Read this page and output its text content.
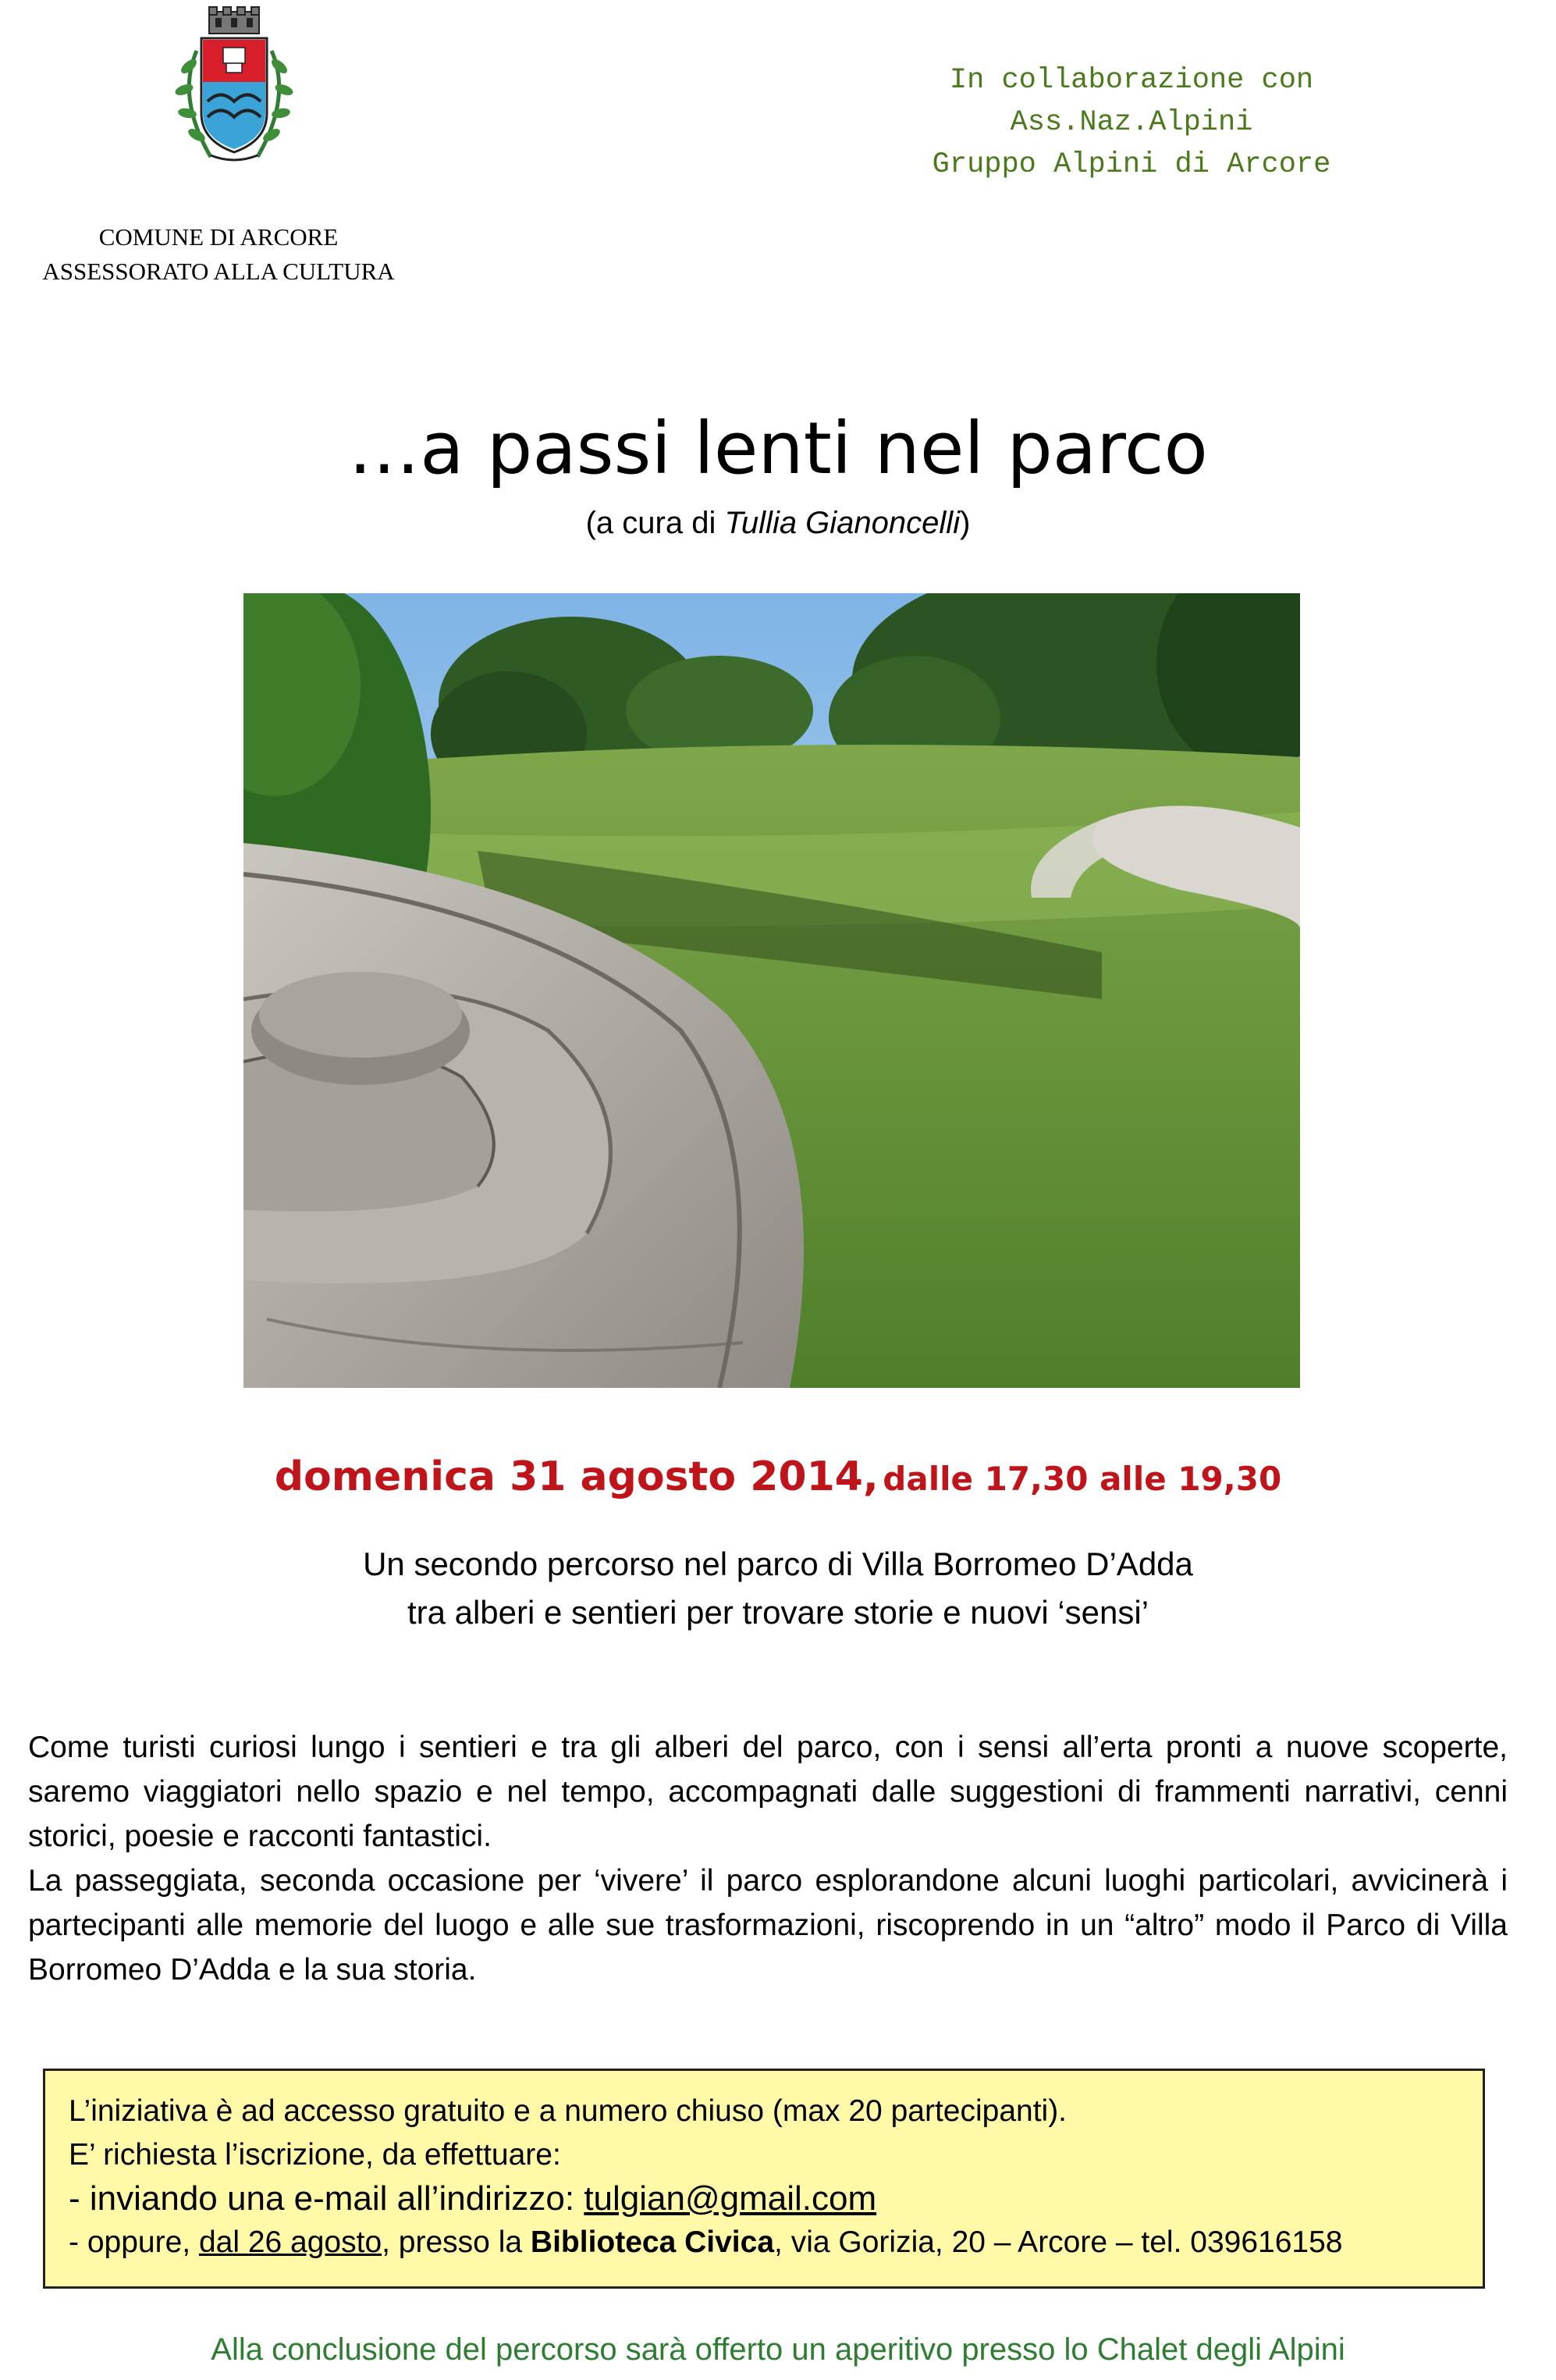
COMUNE DI ARCORE
ASSESSORATO ALLA CULTURA
In collaborazione con
Ass.Naz.Alpini
Gruppo Alpini di Arcore
…a passi lenti nel parco
(a cura di Tullia Gianoncelli)
domenica 31 agosto 2014, dalle 17,30 alle 19,30
Un secondo percorso nel parco di Villa Borromeo D’Adda
tra alberi e sentieri per trovare storie e nuovi ‘sensi’

Come turisti curiosi lungo i sentieri e tra gli alberi del parco, con i sensi all’erta pronti a nuove scoperte, saremo viaggiatori nello spazio e nel tempo, accompagnati dalle suggestioni di frammenti narrativi, cenni storici, poesie e racconti fantastici.

La passeggiata, seconda occasione per ‘vivere’ il parco esplorandone alcuni luoghi particolari, avvicinerà i partecipanti alle memorie del luogo e alle sue trasformazioni, riscoprendo in un “altro” modo il Parco di Villa Borromeo D’Adda e la sua storia.

L’iniziativa è ad accesso gratuito e a numero chiuso (max 20 partecipanti).
E’ richiesta l’iscrizione, da effettuare:
- inviando una e-mail all’indirizzo: tulgian@gmail.com
- oppure, dal 26 agosto, presso la Biblioteca Civica, via Gorizia, 20 – Arcore – tel. 039616158
Alla conclusione del percorso sarà offerto un aperitivo presso lo Chalet degli Alpini
